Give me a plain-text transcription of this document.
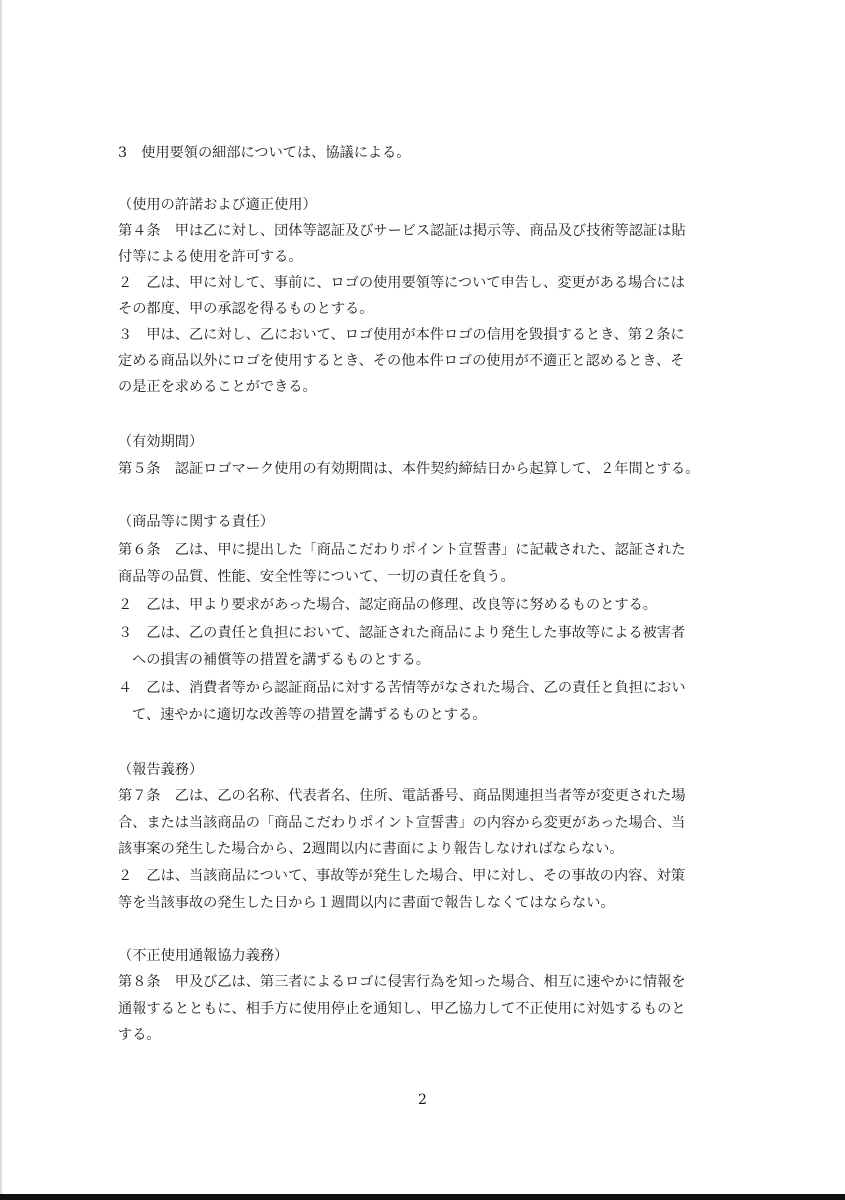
3　使用要領の細部については、協議による。
（使用の許諾および適正使用）
第４条　甲は乙に対し、団体等認証及びサービス認証は掲示等、商品及び技術等認証は貼
付等による使用を許可する。
２　乙は、甲に対して、事前に、ロゴの使用要領等について申告し、変更がある場合には
その都度、甲の承認を得るものとする。
３　甲は、乙に対し、乙において、ロゴ使用が本件ロゴの信用を毀損するとき、第２条に
定める商品以外にロゴを使用するとき、その他本件ロゴの使用が不適正と認めるとき、そ
の是正を求めることができる。
（有効期間）
第５条　認証ロゴマーク使用の有効期間は、本件契約締結日から起算して、２年間とする。
（商品等に関する責任）
第６条　乙は、甲に提出した「商品こだわりポイント宣誓書」に記載された、認証された
商品等の品質、性能、安全性等について、一切の責任を負う。
２　乙は、甲より要求があった場合、認定商品の修理、改良等に努めるものとする。
３　乙は、乙の責任と負担において、認証された商品により発生した事故等による被害者
への損害の補償等の措置を講ずるものとする。
４　乙は、消費者等から認証商品に対する苦情等がなされた場合、乙の責任と負担におい
て、速やかに適切な改善等の措置を講ずるものとする。
（報告義務）
第７条　乙は、乙の名称、代表者名、住所、電話番号、商品関連担当者等が変更された場
合、または当該商品の「商品こだわりポイント宣誓書」の内容から変更があった場合、当
該事案の発生した場合から、2週間以内に書面により報告しなければならない。
２　乙は、当該商品について、事故等が発生した場合、甲に対し、その事故の内容、対策
等を当該事故の発生した日から１週間以内に書面で報告しなくてはならない。
（不正使用通報協力義務）
第８条　甲及び乙は、第三者によるロゴに侵害行為を知った場合、相互に速やかに情報を
通報するとともに、相手方に使用停止を通知し、甲乙協力して不正使用に対処するものと
する。
2
